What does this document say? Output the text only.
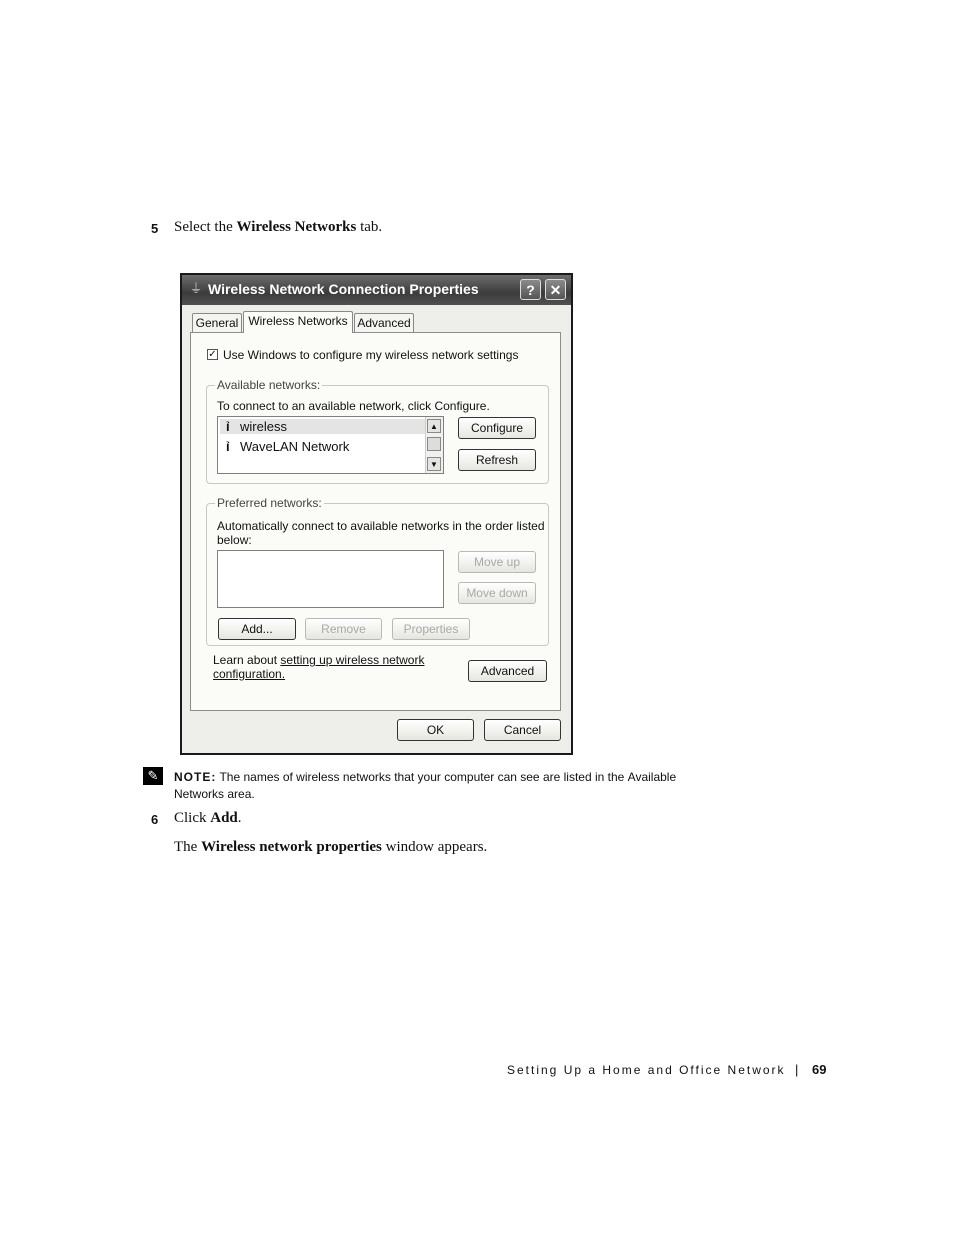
5 Select the Wireless Networks tab.
⏚ Wireless Network Connection Properties	?	✕
General Wireless Networks Advanced
✓ Use Windows to configure my wireless network settings
Available networks:
To connect to an available network, click Configure.
ỉ wireless
ỉ WaveLAN Network
▲
▼
Configure
Refresh
Preferred networks:
Automatically connect to available networks in the order listed
below:
Move up
Move down
Add...	Remove	Properties
Learn about setting up wireless network
configuration.	Advanced
OK	Cancel
✎	NOTE: The names of wireless networks that your computer can see are listed in the Available
Networks area.
6 Click Add.
The Wireless network properties window appears.
Setting Up a Home and Office Network | 69
